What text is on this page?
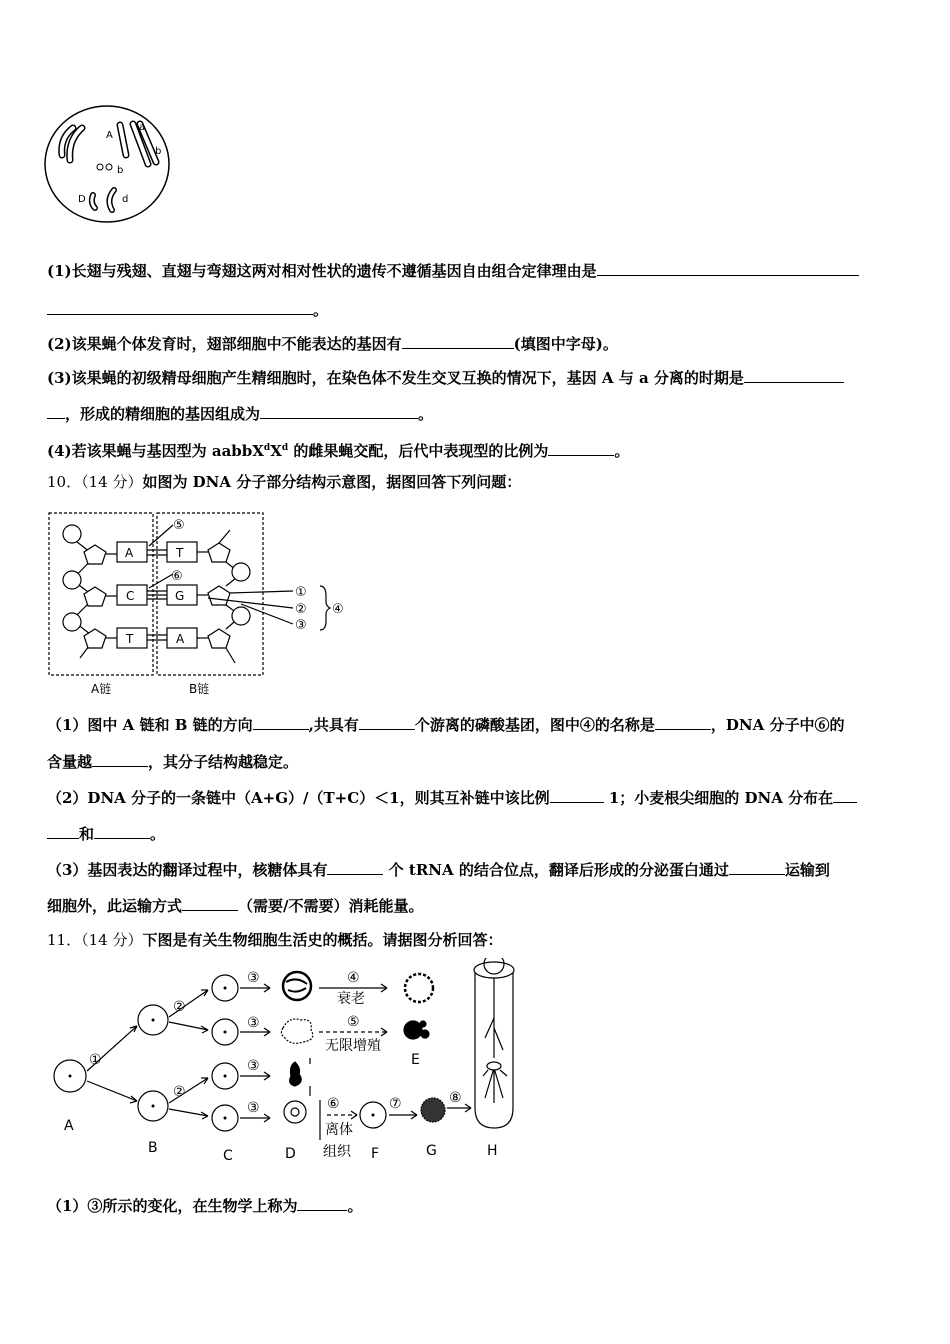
A
a
b
b
D	d
(1)长翅与残翅、直翅与弯翅这两对相对性状的遗传不遵循基因自由组合定律理由是
。
(2)该果蝇个体发育时，翅部细胞中不能表达的基因有	(填图中字母)。
(3)该果蝇的初级精母细胞产生精细胞时，在染色体不发生交叉互换的情况下，基因 A 与 a 分离的时期是
，形成的精细胞的基因组成为	。
(4)若该果蝇与基因型为 $aabbX^dX^d$ 的雌果蝇交配，后代中表现型的比例为	。
10．（14 分）如图为 DNA 分子部分结构示意图，据图回答下列问题：
A
C
T
T
G
A
⑤
⑥
①
②
③
④
A链	B链
（1）图中 A 链和 B 链的方向	,共具有	个游离的磷酸基团，图中④的名称是	，DNA 分子中⑥的
含量越	，其分子结构越稳定。
（2）DNA 分子的一条链中（A+G）/（T+C）＜1，则其互补链中该比例	1；小麦根尖细胞的 DNA 分布在
和	。
（3）基因表达的翻译过程中，核糖体具有	个 tRNA 的结合位点，翻译后形成的分泌蛋白通过	运输到
细胞外，此运输方式	（需要/不需要）消耗能量。
11．（14 分）下图是有关生物细胞生活史的概括。请据图分析回答：
A
B	C	D
E
F	G	H
①
②
②
③
③
③
③
④
⑤
⑥	⑦	⑧
衰老
无限增殖
离体
组织
（1）③所示的变化，在生物学上称为	。
